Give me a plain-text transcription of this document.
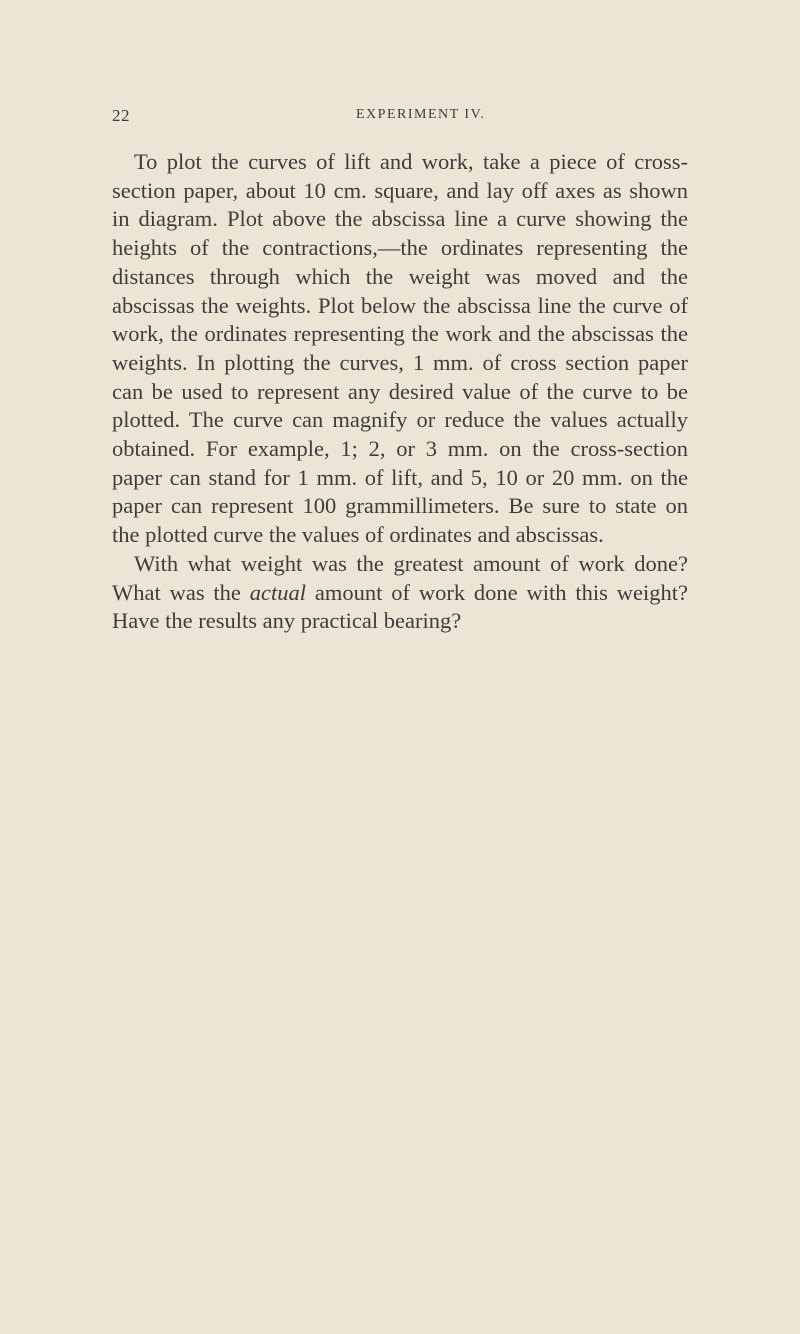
22	EXPERIMENT IV.

To plot the curves of lift and work, take a piece of cross-section paper, about 10 cm. square, and lay off axes as shown in diagram. Plot above the abscissa line a curve showing the heights of the contractions,—the ordinates representing the distances through which the weight was moved and the abscissas the weights. Plot below the abscissa line the curve of work, the ordinates representing the work and the abscissas the weights. In plotting the curves, 1 mm. of cross section paper can be used to represent any desired value of the curve to be plotted. The curve can magnify or reduce the values actually obtained. For example, 1; 2, or 3 mm. on the cross-section paper can stand for 1 mm. of lift, and 5, 10 or 20 mm. on the paper can represent 100 grammillimeters. Be sure to state on the plotted curve the values of ordinates and abscissas.

With what weight was the greatest amount of work done? What was the actual amount of work done with this weight? Have the results any practical bearing?
